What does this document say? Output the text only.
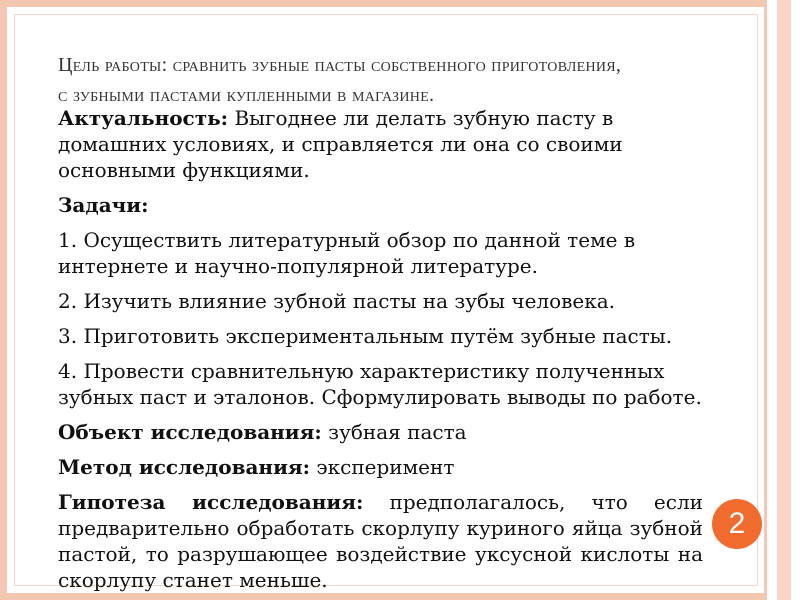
Цель работы: сравнить зубные пасты собственного приготовления,
с зубными пастами купленными в магазине.

Актуальность: Выгоднее ли делать зубную пасту в домашних условиях, и справляется ли она со своими основными функциями.

Задачи:

1. Осуществить литературный обзор по данной теме в интернете и научно-популярной литературе.

2. Изучить влияние зубной пасты на зубы человека.

3. Приготовить экспериментальным путём зубные пасты.

4. Провести сравнительную характеристику полученных зубных паст и эталонов. Сформулировать выводы по работе.

Объект исследования: зубная паста

Метод исследования: эксперимент

Гипотеза исследования: предполагалось, что если предварительно обработать скорлупу куриного яйца зубной пастой, то разрушающее воздействие уксусной кислоты на скорлупу станет меньше.

2
